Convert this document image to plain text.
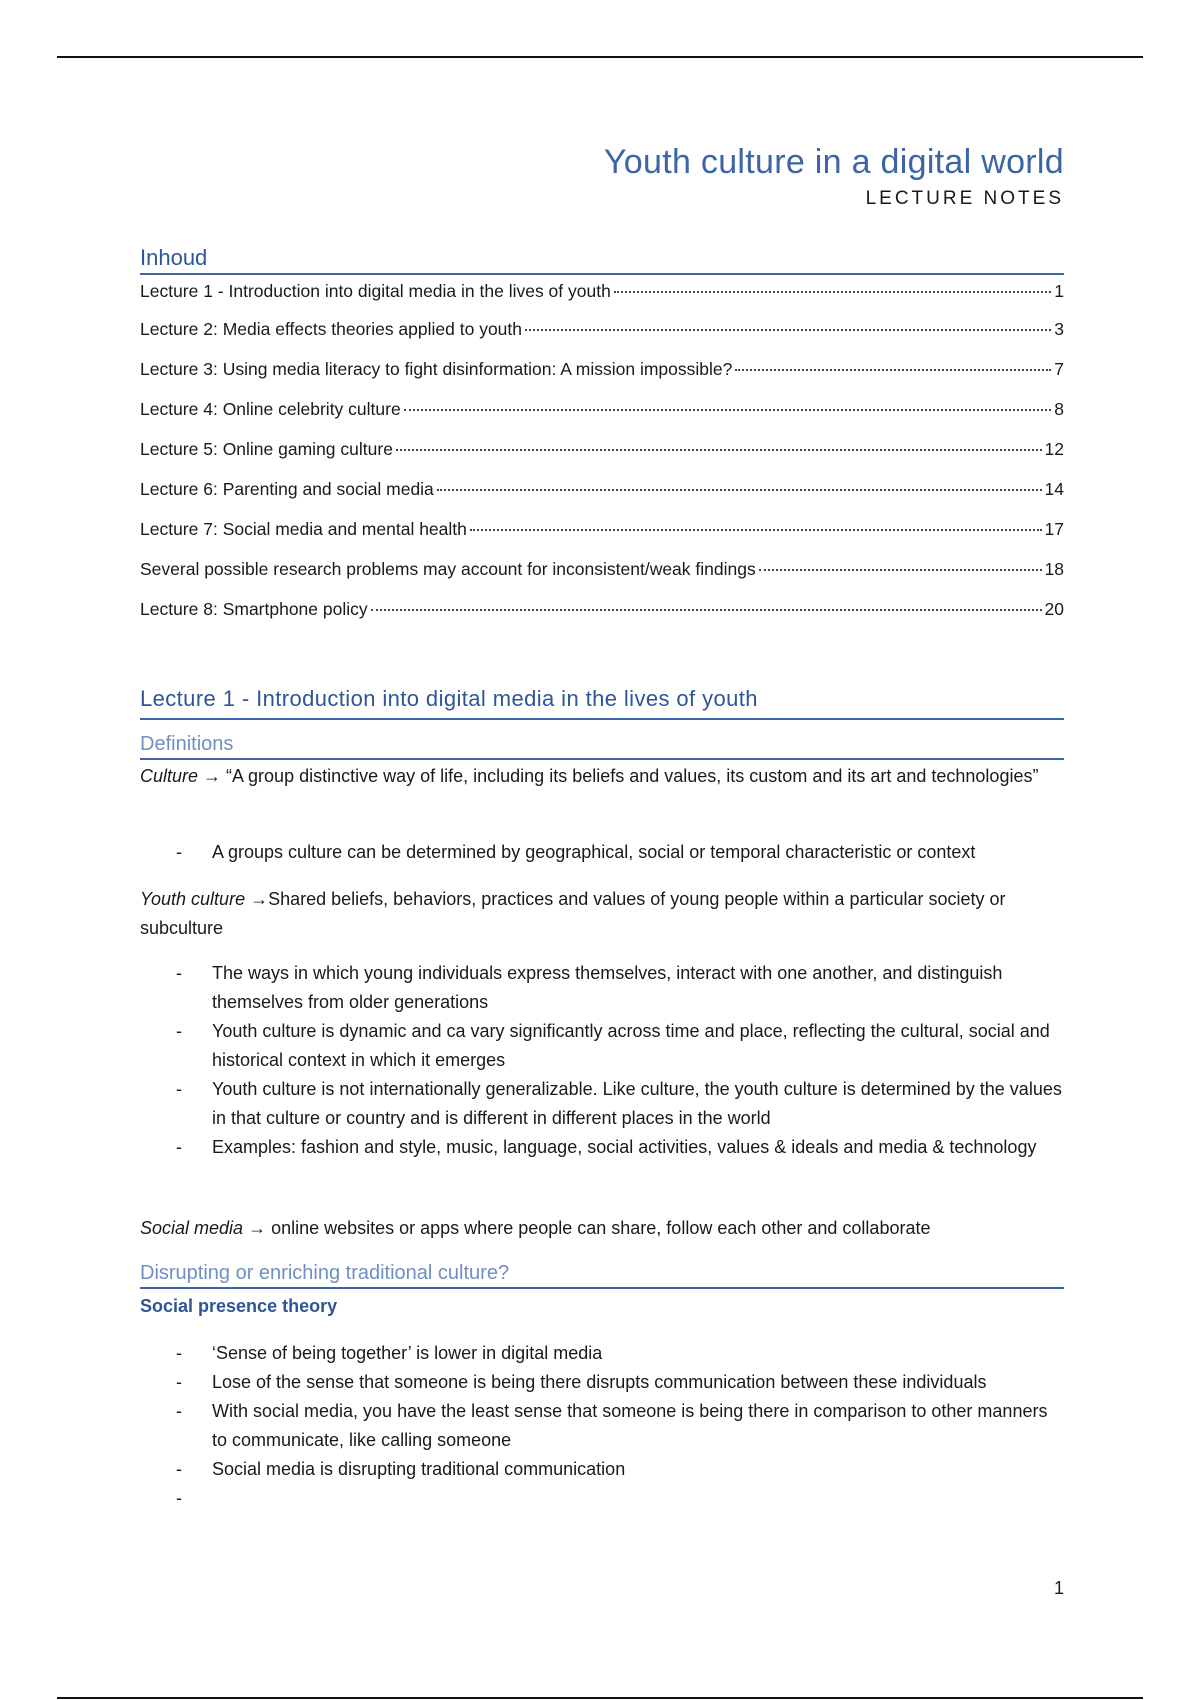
Youth culture in a digital world

LECTURE NOTES

Inhoud
Lecture 1 - Introduction into digital media in the lives of youth	1
Lecture 2: Media effects theories applied to youth	3
Lecture 3: Using media literacy to fight disinformation: A mission impossible?	7
Lecture 4: Online celebrity culture	8
Lecture 5: Online gaming culture	12
Lecture 6: Parenting and social media	14
Lecture 7: Social media and mental health	17
Several possible research problems may account for inconsistent/weak findings	18
Lecture 8: Smartphone policy	20
Lecture 1 - Introduction into digital media in the lives of youth
Definitions

Culture → “A group distinctive way of life, including its beliefs and values, its custom and its art and technologies”

- A groups culture can be determined by geographical, social or temporal characteristic or context

Youth culture →Shared beliefs, behaviors, practices and values of young people within a particular society or subculture

- The ways in which young individuals express themselves, interact with one another, and distinguish themselves from older generations
- Youth culture is dynamic and ca vary significantly across time and place, reflecting the cultural, social and historical context in which it emerges
- Youth culture is not internationally generalizable. Like culture, the youth culture is determined by the values in that culture or country and is different in different places in the world
- Examples: fashion and style, music, language, social activities, values & ideals and media & technology

Social media → online websites or apps where people can share, follow each other and collaborate

Disrupting or enriching traditional culture?
Social presence theory
- ‘Sense of being together’ is lower in digital media
- Lose of the sense that someone is being there disrupts communication between these individuals
- With social media, you have the least sense that someone is being there in comparison to other manners to communicate, like calling someone
- Social media is disrupting traditional communication

1
